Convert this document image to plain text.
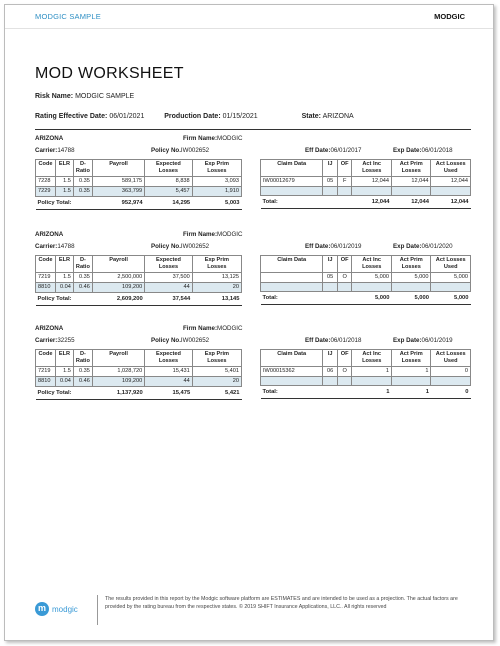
MODGIC SAMPLE	MODGIC
MOD WORKSHEET
Risk Name: MODGIC SAMPLE
Rating Effective Date: 06/01/2021	Production Date: 01/15/2021	State: ARIZONA
ARIZONA	Firm Name: MODGIC
Carrier: 14788	Policy No. IW002652	Eff Date: 06/01/2017	Exp Date: 06/01/2018
Code	ELR	D-Ratio	Payroll	Expected Losses	Exp Prim Losses
7228	1.5	0.35	589,175	8,838	3,093
7229	1.5	0.35	363,799	5,457	1,910
Policy Total:			952,974	14,295	5,003
Claim Data	IJ	OF	Act Inc Losses	Act Prim Losses	Act Losses Used
IW00012679	05	F	12,044	12,044	12,044

Total:			12,044	12,044	12,044
ARIZONA	Firm Name: MODGIC
Carrier: 14788	Policy No. IW002652	Eff Date: 06/01/2019	Exp Date: 06/01/2020
Code	ELR	D-Ratio	Payroll	Expected Losses	Exp Prim Losses
7219	1.5	0.35	2,500,000	37,500	13,125
8810	0.04	0.46	109,200	44	20
Policy Total:			2,609,200	37,544	13,145
Claim Data	IJ	OF	Act Inc Losses	Act Prim Losses	Act Losses Used
	05	O	5,000	5,000	5,000

Total:			5,000	5,000	5,000
ARIZONA	Firm Name: MODGIC
Carrier: 32255	Policy No. IW002652	Eff Date: 06/01/2018	Exp Date: 06/01/2019
Code	ELR	D-Ratio	Payroll	Expected Losses	Exp Prim Losses
7219	1.5	0.35	1,028,720	15,431	5,401
8810	0.04	0.46	109,200	44	20
Policy Total:			1,137,920	15,475	5,421
Claim Data	IJ	OF	Act Inc Losses	Act Prim Losses	Act Losses Used
IW00015362	06	O	1	1	0

Total:			1	1	0
m modgic
The results provided in this report by the Modgic software platform are ESTIMATES and are intended to be used as a projection. The actual factors are provided by the rating bureau from the respective states. © 2019 SHIFT Insurance Applications, LLC.. All rights reserved
